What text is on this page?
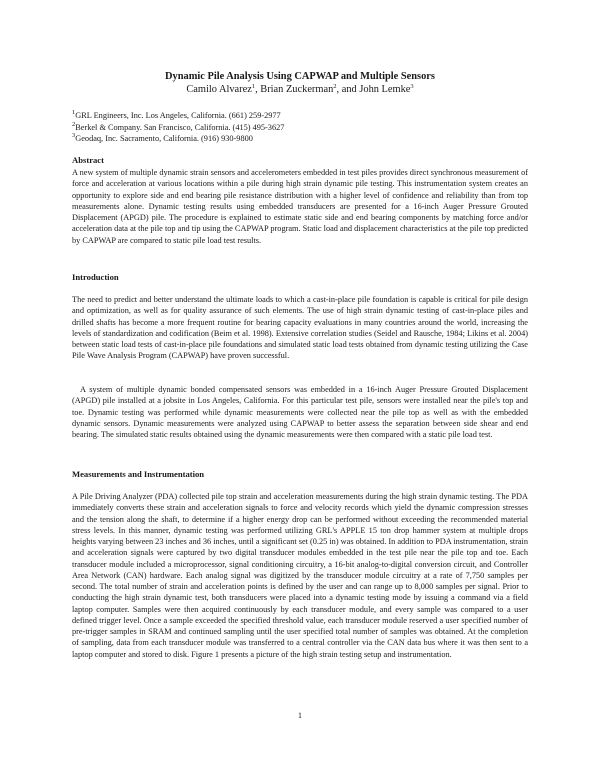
Dynamic Pile Analysis Using CAPWAP and Multiple Sensors
Camilo Alvarez$^1$, Brian Zuckerman$^2$, and John Lemke$^3$
$^1$GRL Engineers, Inc. Los Angeles, California. (661) 259-2977
$^2$Berkel & Company. San Francisco, California. (415) 495-3627
$^3$Geodaq, Inc. Sacramento, California. (916) 930-9800
Abstract

A new system of multiple dynamic strain sensors and accelerometers embedded in test piles provides direct synchronous measurement of force and acceleration at various locations within a pile during high strain dynamic pile testing. This instrumentation system creates an opportunity to explore side and end bearing pile resistance distribution with a higher level of confidence and reliability than from top measurements alone. Dynamic testing results using embedded transducers are presented for a 16-inch Auger Pressure Grouted Displacement (APGD) pile. The procedure is explained to estimate static side and end bearing components by matching force and/or acceleration data at the pile top and tip using the CAPWAP program. Static load and displacement characteristics at the pile top predicted by CAPWAP are compared to static pile load test results.

Introduction

The need to predict and better understand the ultimate loads to which a cast-in-place pile foundation is capable is critical for pile design and optimization, as well as for quality assurance of such elements. The use of high strain dynamic testing of cast-in-place piles and drilled shafts has become a more frequent routine for bearing capacity evaluations in many countries around the world, increasing the levels of standardization and codification (Beim et al. 1998). Extensive correlation studies (Seidel and Rausche, 1984; Likins et al. 2004) between static load tests of cast-in-place pile foundations and simulated static load tests obtained from dynamic testing utilizing the Case Pile Wave Analysis Program (CAPWAP) have proven successful.

A system of multiple dynamic bonded compensated sensors was embedded in a 16-inch Auger Pressure Grouted Displacement (APGD) pile installed at a jobsite in Los Angeles, California. For this particular test pile, sensors were installed near the pile's top and toe. Dynamic testing was performed while dynamic measurements were collected near the pile top as well as with the embedded dynamic sensors. Dynamic measurements were analyzed using CAPWAP to better assess the separation between side shear and end bearing. The simulated static results obtained using the dynamic measurements were then compared with a static pile load test.

Measurements and Instrumentation

A Pile Driving Analyzer (PDA) collected pile top strain and acceleration measurements during the high strain dynamic testing. The PDA immediately converts these strain and acceleration signals to force and velocity records which yield the dynamic compression stresses and the tension along the shaft, to determine if a higher energy drop can be performed without exceeding the recommended material stress levels. In this manner, dynamic testing was performed utilizing GRL's APPLE 15 ton drop hammer system at multiple drops heights varying between 23 inches and 36 inches, until a significant set (0.25 in) was obtained. In addition to PDA instrumentation, strain and acceleration signals were captured by two digital transducer modules embedded in the test pile near the pile top and toe. Each transducer module included a microprocessor, signal conditioning circuitry, a 16-bit analog-to-digital conversion circuit, and Controller Area Network (CAN) hardware. Each analog signal was digitized by the transducer module circuitry at a rate of 7,750 samples per second. The total number of strain and acceleration points is defined by the user and can range up to 8,000 samples per signal. Prior to conducting the high strain dynamic test, both transducers were placed into a dynamic testing mode by issuing a command via a field laptop computer. Samples were then acquired continuously by each transducer module, and every sample was compared to a user defined trigger level. Once a sample exceeded the specified threshold value, each transducer module reserved a user specified number of pre-trigger samples in SRAM and continued sampling until the user specified total number of samples was obtained. At the completion of sampling, data from each transducer module was transferred to a central controller via the CAN data bus where it was then sent to a laptop computer and stored to disk. Figure 1 presents a picture of the high strain testing setup and instrumentation.

1
